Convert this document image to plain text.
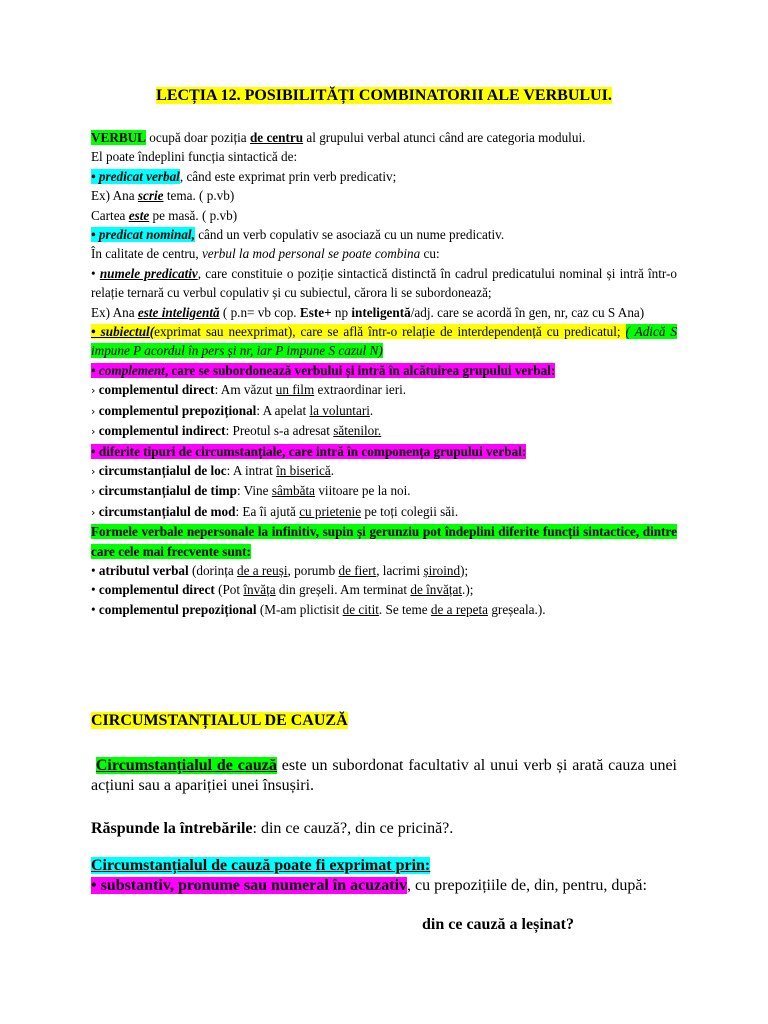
LECȚIA 12. POSIBILITĂȚI COMBINATORII ALE VERBULUI.
VERBUL ocupă doar poziția de centru al grupului verbal atunci când are categoria modului.
El poate îndeplini funcția sintactică de:
• predicat verbal, când este exprimat prin verb predicativ;
Ex) Ana scrie tema. ( p.vb)
Cartea este pe masă. ( p.vb)
• predicat nominal, când un verb copulativ se asociază cu un nume predicativ.
În calitate de centru, verbul la mod personal se poate combina cu:
• numele predicativ, care constituie o poziție sintactică distinctă în cadrul predicatului nominal și intră într-o relație ternară cu verbul copulativ și cu subiectul, cărora li se subordonează;
Ex) Ana este inteligentă ( p.n= vb cop. Este+ np inteligentă/adj. care se acordă în gen, nr, caz cu S Ana)
• subiectul(exprimat sau neexprimat), care se află într-o relație de interdependență cu predicatul; ( Adică S impune P acordul în pers și nr, iar P impune S cazul N)
• complement, care se subordonează verbului și intră în alcătuirea grupului verbal:
› complementul direct: Am văzut un film extraordinar ieri.
› complementul prepozițional: A apelat la voluntari.
› complementul indirect: Preotul s-a adresat sătenilor.
• diferite tipuri de circumstanțiale, care intră în componența grupului verbal:
› circumstanțialul de loc: A intrat în biserică.
› circumstanțialul de timp: Vine sâmbăta viitoare pe la noi.
› circumstanțialul de mod: Ea îi ajută cu prietenie pe toți colegii săi.
Formele verbale nepersonale la infinitiv, supin și gerunziu pot îndeplini diferite funcții sintactice, dintre care cele mai frecvente sunt:
• atributul verbal (dorința de a reuși, porumb de fiert, lacrimi șiroind);
• complementul direct (Pot învăța din greșeli. Am terminat de învățat.);
• complementul prepozițional (M-am plictisit de citit. Se teme de a repeta greșeala.).
CIRCUMSTANȚIALUL DE CAUZĂ
Circumstanțialul de cauză este un subordonat facultativ al unui verb și arată cauza unei acțiuni sau a apariției unei însușiri.
Răspunde la întrebările: din ce cauză?, din ce pricină?.
Circumstanțialul de cauză poate fi exprimat prin:
• substantiv, pronume sau numeral în acuzativ, cu prepozițiile de, din, pentru, după:
din ce cauză a leșinat?
